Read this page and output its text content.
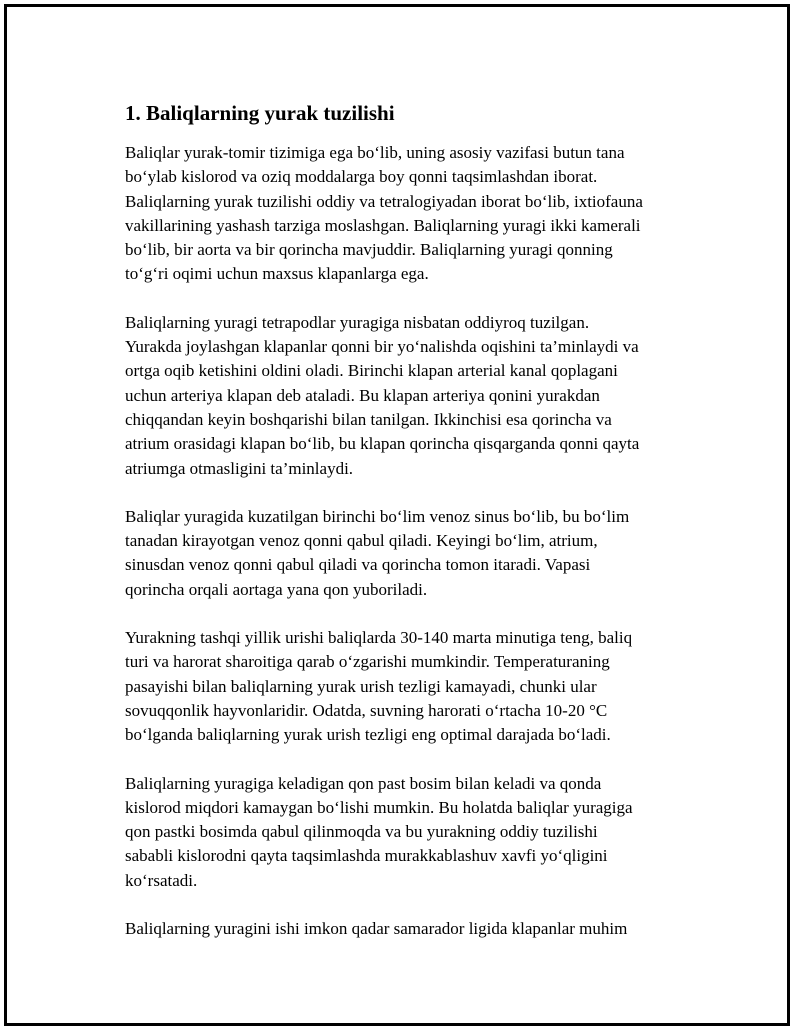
1. Baliqlarning yurak tuzilishi
Baliqlar yurak-tomir tizimiga ega bo‘lib, uning asosiy vazifasi butun tana
bo‘ylab kislorod va oziq moddalarga boy qonni taqsimlashdan iborat.
Baliqlarning yurak tuzilishi oddiy va tetralogiyadan iborat bo‘lib, ixtiofauna
vakillarining yashash tarziga moslashgan. Baliqlarning yuragi ikki kamerali
bo‘lib, bir aorta va bir qorincha mavjuddir. Baliqlarning yuragi qonning
to‘g‘ri oqimi uchun maxsus klapanlarga ega.
Baliqlarning yuragi tetrapodlar yuragiga nisbatan oddiyroq tuzilgan.
Yurakda joylashgan klapanlar qonni bir yo‘nalishda oqishini ta’minlaydi va
ortga oqib ketishini oldini oladi. Birinchi klapan arterial kanal qoplagani
uchun arteriya klapan deb ataladi. Bu klapan arteriya qonini yurakdan
chiqqandan keyin boshqarishi bilan tanilgan. Ikkinchisi esa qorincha va
atrium orasidagi klapan bo‘lib, bu klapan qorincha qisqarganda qonni qayta
atriumga otmasligini ta’minlaydi.
Baliqlar yuragida kuzatilgan birinchi bo‘lim venoz sinus bo‘lib, bu bo‘lim
tanadan kirayotgan venoz qonni qabul qiladi. Keyingi bo‘lim, atrium,
sinusdan venoz qonni qabul qiladi va qorincha tomon itaradi. Vapasi
qorincha orqali aortaga yana qon yuboriladi.
Yurakning tashqi yillik urishi baliqlarda 30-140 marta minutiga teng, baliq
turi va harorat sharoitiga qarab o‘zgarishi mumkindir. Temperaturaning
pasayishi bilan baliqlarning yurak urish tezligi kamayadi, chunki ular
sovuqqonlik hayvonlaridir. Odatda, suvning harorati o‘rtacha 10-20 °C
bo‘lganda baliqlarning yurak urish tezligi eng optimal darajada bo‘ladi.
Baliqlarning yuragiga keladigan qon past bosim bilan keladi va qonda
kislorod miqdori kamaygan bo‘lishi mumkin. Bu holatda baliqlar yuragiga
qon pastki bosimda qabul qilinmoqda va bu yurakning oddiy tuzilishi
sababli kislorodni qayta taqsimlashda murakkablashuv xavfi yo‘qligini
ko‘rsatadi.
Baliqlarning yuragini ishi imkon qadar samarador ligida klapanlar muhim
